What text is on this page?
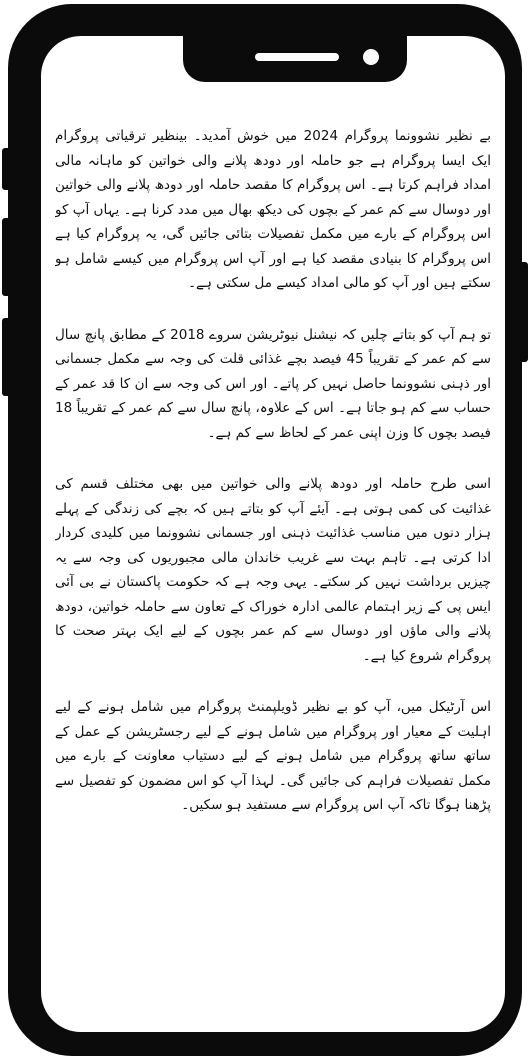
بے نظیر نشوونما پروگرام 2024 میں خوش آمدید۔ بینظیر ترقیاتی پروگرام ایک ایسا پروگرام ہے جو حاملہ اور دودھ پلانے والی خواتین کو ماہانہ مالی امداد فراہم کرتا ہے۔ اس پروگرام کا مقصد حاملہ اور دودھ پلانے والی خواتین اور دوسال سے کم عمر کے بچوں کی دیکھ بھال میں مدد کرنا ہے۔ یہاں آپ کو اس پروگرام کے بارے میں مکمل تفصیلات بتائی جائیں گی، یہ پروگرام کیا ہے اس پروگرام کا بنیادی مقصد کیا ہے اور آپ اس پروگرام میں کیسے شامل ہو سکتے ہیں اور آپ کو مالی امداد کیسے مل سکتی ہے۔

تو ہم آپ کو بتاتے چلیں کہ نیشنل نیوٹریشن سروے 2018 کے مطابق پانچ سال سے کم عمر کے تقریباً 45 فیصد بچے غذائی قلت کی وجہ سے مکمل جسمانی اور ذہنی نشوونما حاصل نہیں کر پاتے۔ اور اس کی وجہ سے ان کا قد عمر کے حساب سے کم ہو جاتا ہے۔ اس کے علاوہ، پانچ سال سے کم عمر کے تقریباً 18 فیصد بچوں کا وزن اپنی عمر کے لحاظ سے کم ہے۔

اسی طرح حاملہ اور دودھ پلانے والی خواتین میں بھی مختلف قسم کی غذائیت کی کمی ہوتی ہے۔ آیئے آپ کو بتاتے ہیں کہ بچے کی زندگی کے پہلے ہزار دنوں میں مناسب غذائیت ذہنی اور جسمانی نشوونما میں کلیدی کردار ادا کرتی ہے۔ تاہم بہت سے غریب خاندان مالی مجبوریوں کی وجہ سے یہ چیزیں برداشت نہیں کر سکتے۔ یہی وجہ ہے کہ حکومت پاکستان نے بی آئی ایس پی کے زیر اہتمام عالمی ادارہ خوراک کے تعاون سے حاملہ خواتین، دودھ پلانے والی ماؤں اور دوسال سے کم عمر بچوں کے لیے ایک بہتر صحت کا پروگرام شروع کیا ہے۔

اس آرٹیکل میں، آپ کو بے نظیر ڈویلپمنٹ پروگرام میں شامل ہونے کے لیے اہلیت کے معیار اور پروگرام میں شامل ہونے کے لیے رجسٹریشن کے عمل کے ساتھ ساتھ پروگرام میں شامل ہونے کے لیے دستیاب معاونت کے بارے میں مکمل تفصیلات فراہم کی جائیں گی۔ لہذا آپ کو اس مضمون کو تفصیل سے پڑھنا ہوگا تاکہ آپ اس پروگرام سے مستفید ہو سکیں۔
